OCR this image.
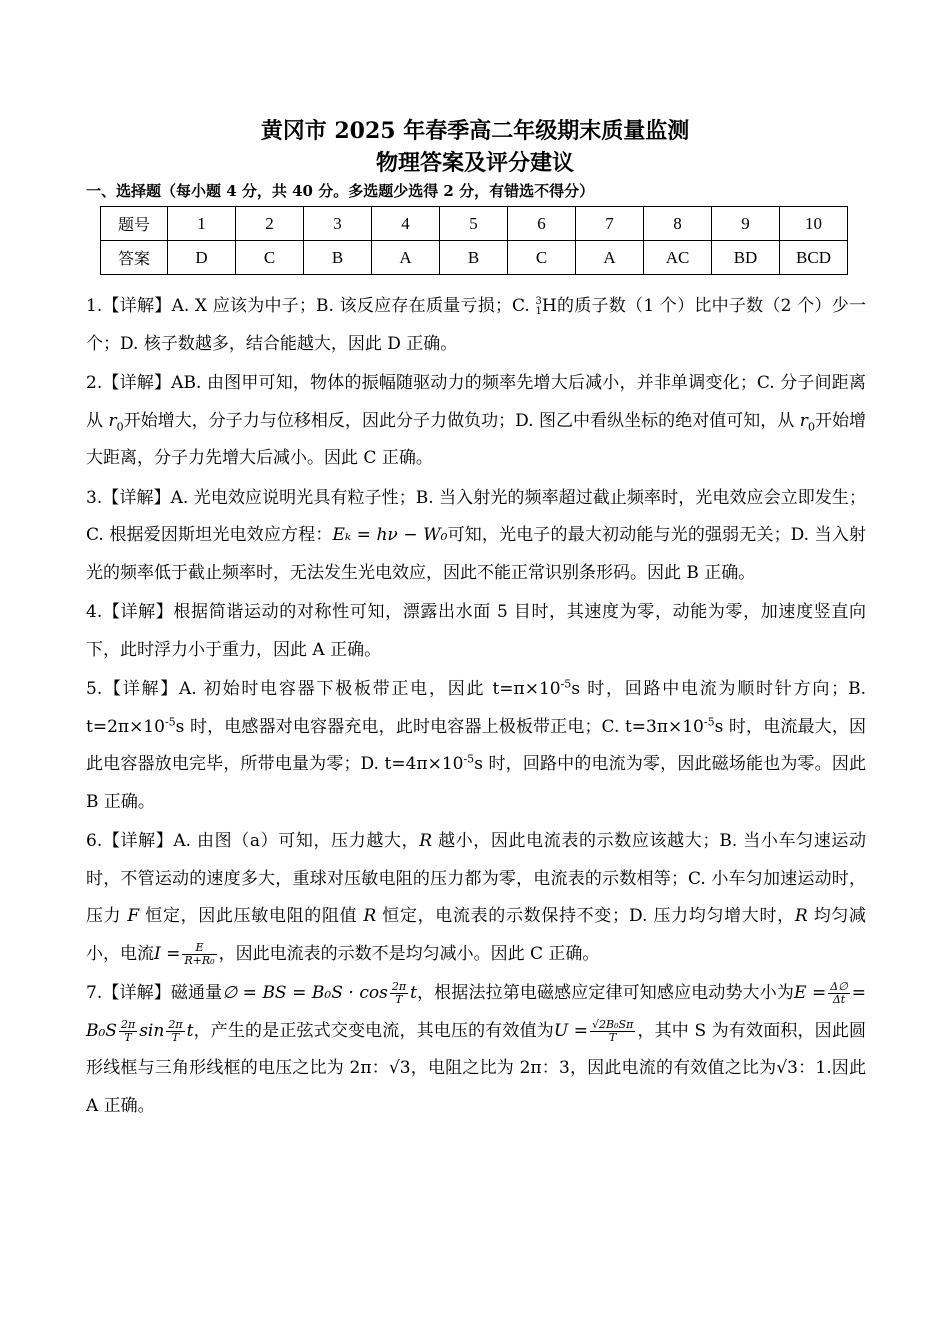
黄冈市 2025 年春季高二年级期末质量监测
物理答案及评分建议
一、选择题（每小题 4 分，共 40 分。多选题少选得 2 分，有错选不得分）
题号	1	2	3	4	5	6	7	8	9	10
答案	D	C	B	A	B	C	A	AC	BD	BCD
1.【详解】A. X 应该为中子；B. 该反应存在质量亏损；C. 3
1 H的质子数（1 个）比中子数（2 个）少一个；D. 核子数越多，结合能越大，因此 D 正确。
2.【详解】AB. 由图甲可知，物体的振幅随驱动力的频率先增大后减小，并非单调变化；C. 分子间距离从 $r_0$开始增大，分子力与位移相反，因此分子力做负功；D. 图乙中看纵坐标的绝对值可知，从 $r_0$开始增大距离，分子力先增大后减小。因此 C 正确。
3.【详解】A. 光电效应说明光具有粒子性；B. 当入射光的频率超过截止频率时，光电效应会立即发生；C. 根据爱因斯坦光电效应方程：Eₖ = hν − W₀可知，光电子的最大初动能与光的强弱无关；D. 当入射光的频率低于截止频率时，无法发生光电效应，因此不能正常识别条形码。因此 B 正确。
4.【详解】根据简谐运动的对称性可知，漂露出水面 5 目时，其速度为零，动能为零，加速度竖直向下，此时浮力小于重力，因此 A 正确。
5.【详解】A. 初始时电容器下极板带正电，因此 $t=\pi\times 10^{-5}s$ 时，回路中电流为顺时针方向；B. $t=2\pi\times 10^{-5}s$ 时，电感器对电容器充电，此时电容器上极板带正电；C. $t=3\pi\times 10^{-5}s$ 时，电流最大，因此电容器放电完毕，所带电量为零；D. $t=4\pi\times 10^{-5}s$ 时，回路中的电流为零，因此磁场能也为零。因此 B 正确。
6.【详解】A. 由图（a）可知，压力越大，R 越小，因此电流表的示数应该越大；B. 当小车匀速运动时，不管运动的速度多大，重球对压敏电阻的压力都为零，电流表的示数相等；C. 小车匀加速运动时，压力 F 恒定，因此压敏电阻的阻值 R 恒定，电流表的示数保持不变；D. 压力均匀增大时，R 均匀减小，电流$I = \frac{E}{\text{R+R₀}}$ ，因此电流表的示数不是均匀减小。因此 C 正确。
7.【详解】磁通量∅ = BS = $B_0S \cdot \cos \frac{2\pi}{T}$ t，根据法拉第电磁感应定律可知感应电动势大小为$E = \frac{\Delta\emptyset}{\Delta t} = B_0S \frac{2\pi}{T}$ $\sin \frac{2\pi}{T}$ t，产生的是正弦式交变电流，其电压的有效值为$U = \frac{\text{√2B₀Sπ}}{T}$ ，其中 S 为有效面积，因此圆形线框与三角形线框的电压之比为 2π：√3，电阻之比为 2π：3，因此电流的有效值之比为√3：1.因此 A 正确。
